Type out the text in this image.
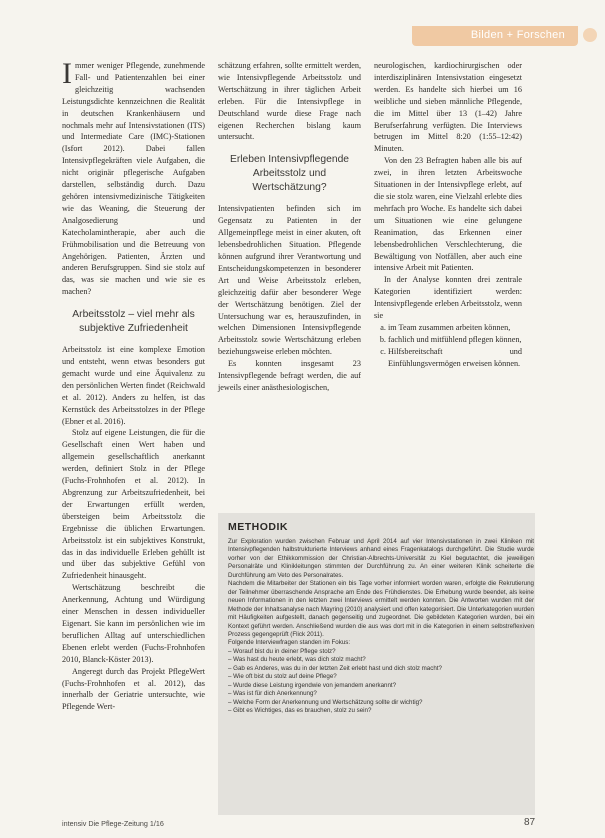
Bilden + Forschen

Immer weniger Pflegende, zunehmende Fall- und Patientenzahlen bei einer gleichzeitig wachsenden Leistungsdichte kennzeichnen die Realität in deutschen Krankenhäusern und nochmals mehr auf Intensivstationen (ITS) und Intermediate Care (IMC)-Stationen (Isfort 2012). Dabei fallen Intensivpflegekräften viele Aufgaben, die nicht originär pflegerische Aufgaben darstellen, selbständig durch. Dazu gehören intensivmedizinische Tätigkeiten wie das Weaning, die Steuerung der Analgosedierung und Katecholamintherapie, aber auch die Frühmobilisation und die Betreuung von Angehörigen. Patienten, Ärzten und anderen Berufsgruppen. Sind sie stolz auf das, was sie machen und wie sie es machen?

Arbeitsstolz – viel mehr als subjektive Zufriedenheit

Arbeitsstolz ist eine komplexe Emotion und entsteht, wenn etwas besonders gut gemacht wurde und eine Äquivalenz zu den persönlichen Werten findet (Reichwald et al. 2012). Anders zu helfen, ist das Kernstück des Arbeitsstolzes in der Pflege (Ebner et al. 2016).

Stolz auf eigene Leistungen, die für die Gesellschaft einen Wert haben und allgemein gesellschaftlich anerkannt werden, definiert Stolz in der Pflege (Fuchs-Frohnhofen et al. 2012). In Abgrenzung zur Arbeitszufriedenheit, bei der Erwartungen erfüllt werden, übersteigen beim Arbeitsstolz die Ergebnisse die üblichen Erwartungen. Arbeitsstolz ist ein subjektives Konstrukt, das in das individuelle Erleben gehüllt ist und über das subjektive Gefühl von Zufriedenheit hinausgeht.

Wertschätzung beschreibt die Anerkennung, Achtung und Würdigung einer Menschen in dessen individueller Eigenart. Sie kann im persönlichen wie im beruflichen Alltag auf unterschiedlichen Ebenen erlebt werden (Fuchs-Frohnhofen 2010, Blanck-Köster 2013).

Angeregt durch das Projekt PflegeWert (Fuchs-Frohnhofen et al. 2012), das innerhalb der Geriatrie untersuchte, wie Pflegende Wert-

schätzung erfahren, sollte ermittelt werden, wie Intensivpflegende Arbeitsstolz und Wertschätzung in ihrer täglichen Arbeit erleben. Für die Intensivpflege in Deutschland wurde diese Frage nach eigenen Recherchen bislang kaum untersucht.

Erleben Intensivpflegende Arbeitsstolz und Wertschätzung?

Intensivpatienten befinden sich im Gegensatz zu Patienten in der Allgemeinpflege meist in einer akuten, oft lebensbedrohlichen Situation. Pflegende können aufgrund ihrer Verantwortung und Entscheidungskompetenzen in besonderer Art und Weise Arbeitsstolz erleben, gleichzeitig dafür aber besonderer Wege der Wertschätzung benötigen. Ziel der Untersuchung war es, herauszufinden, in welchen Dimensionen Intensivpflegende Arbeitsstolz sowie Wertschätzung erleben beziehungsweise erleben möchten.

Es konnten insgesamt 23 Intensivpflegende befragt werden, die auf jeweils einer anästhesiologischen,

neurologischen, kardiochirurgischen oder interdisziplinären Intensivstation eingesetzt werden. Es handelte sich hierbei um 16 weibliche und sieben männliche Pflegende, die im Mittel über 13 (1–42) Jahre Berufserfahrung verfügten. Die Interviews betrugen im Mittel 8:20 (1:55–12:42) Minuten.

Von den 23 Befragten haben alle bis auf zwei, in ihren letzten Arbeitswoche Situationen in der Intensivpflege erlebt, auf die sie stolz waren, eine Vielzahl erlebte dies mehrfach pro Woche. Es handelte sich dabei um Situationen wie eine gelungene Reanimation, das Erkennen einer lebensbedrohlichen Verschlechterung, die Bewältigung von Notfällen, aber auch eine intensive Arbeit mit Patienten.

In der Analyse konnten drei zentrale Kategorien identifiziert werden: Intensivpflegende erleben Arbeitsstolz, wenn sie

a. im Team zusammen arbeiten können,
b. fachlich und mitfühlend pflegen können,
c. Hilfsbereitschaft und Einfühlungsvermögen erweisen können.
METHODIK

Zur Exploration wurden zwischen Februar und April 2014 auf vier Intensivstationen in zwei Kliniken mit Intensivpflegenden halbstrukturierte Interviews anhand eines Fragenkatalogs durchgeführt. Die Studie wurde vorher von der Ethikkommission der Christian-Albrechts-Universität zu Kiel begutachtet, die jeweiligen Personalräte und Klinikleitungen stimmten der Durchführung zu. An einer weiteren Klinik scheiterte die Durchführung am Veto des Personalrates.

Nachdem die Mitarbeiter der Stationen ein bis Tage vorher informiert worden waren, erfolgte die Rekrutierung der Teilnehmer überraschende Ansprache am Ende des Frühdienstes. Die Erhebung wurde beendet, als keine neuen Informationen in den letzten zwei Interviews ermittelt werden konnten. Die Antworten wurden mit der Methode der Inhaltsanalyse nach Mayring (2010) analysiert und offen kategorisiert. Die Unterkategorien wurden mit Häufigkeiten aufgestellt, danach gegenseitig und zugeordnet. Die gebildeten Kategorien wurden, bei ein Kontext geführt werden. Anschließend wurden die aus was dort mit in die Kategorien in einem selbstreflexiven Prozess gegengeprüft (Flick 2011).

Folgende Interviewfragen standen im Fokus:

– Worauf bist du in deiner Pflege stolz?
– Was hast du heute erlebt, was dich stolz macht?
– Gab es Anderes, was du in der letzten Zeit erlebt hast und dich stolz macht?
– Wie oft bist du stolz auf deine Pflege?
– Wurde diese Leistung irgendwie von jemandem anerkannt?
– Was ist für dich Anerkennung?
– Welche Form der Anerkennung und Wertschätzung sollte dir wichtig?
– Gibt es Wichtiges, das es brauchen, stolz zu sein?
intensiv Die Pflege-Zeitung 1/16	87
